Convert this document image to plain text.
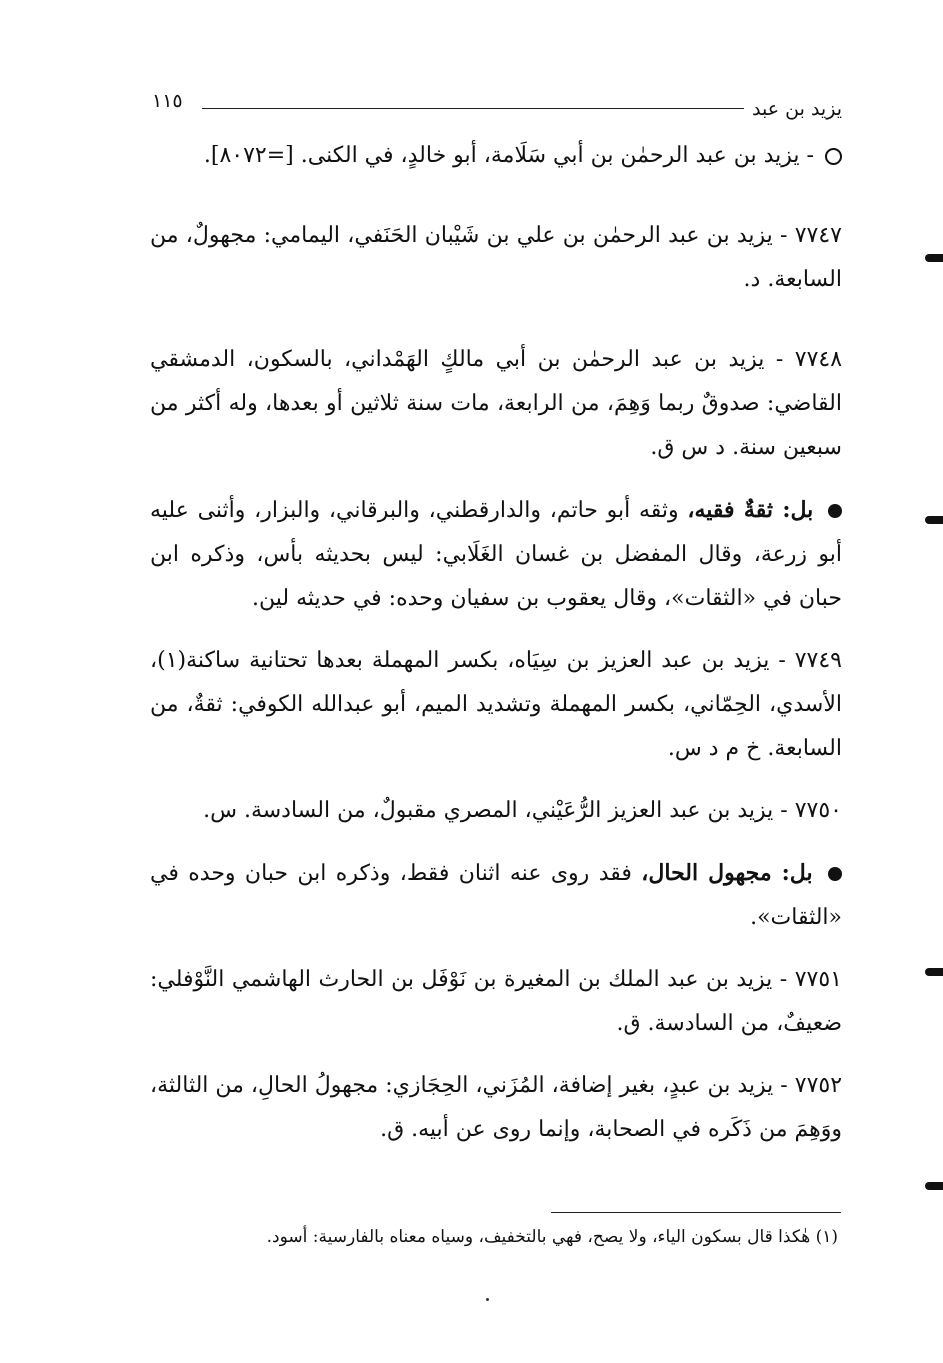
يزيد بن عبد
١١٥

- يزيد بن عبد الرحمٰن بن أبي سَلَامة، أبو خالدٍ، في الكنى. [=٨٠٧٢].

٧٧٤٧ - يزيد بن عبد الرحمٰن بن علي بن شَيْبان الحَنَفي، اليمامي: مجهولٌ، من السابعة. د.

٧٧٤٨ - يزيد بن عبد الرحمٰن بن أبي مالكٍ الهَمْداني، بالسكون، الدمشقي القاضي: صدوقٌ ربما وَهِمَ، من الرابعة، مات سنة ثلاثين أو بعدها، وله أكثر من سبعين سنة. د س ق.

بل: ثقةٌ فقيه، وثقه أبو حاتم، والدارقطني، والبرقاني، والبزار، وأثنى عليه أبو زرعة، وقال المفضل بن غسان الغَلَابي: ليس بحديثه بأس، وذكره ابن حبان في «الثقات»، وقال يعقوب بن سفيان وحده: في حديثه لين.

٧٧٤٩ - يزيد بن عبد العزيز بن سِيَاه، بكسر المهملة بعدها تحتانية ساكنة(١)، الأسدي، الحِمّاني، بكسر المهملة وتشديد الميم، أبو عبدالله الكوفي: ثقةٌ، من السابعة. خ م د س.

٧٧٥٠ - يزيد بن عبد العزيز الرُّعَيْني، المصري مقبولٌ، من السادسة. س.

بل: مجهول الحال، فقد روى عنه اثنان فقط، وذكره ابن حبان وحده في «الثقات».

٧٧٥١ - يزيد بن عبد الملك بن المغيرة بن نَوْفَل بن الحارث الهاشمي النَّوْفلي: ضعيفٌ، من السادسة. ق.

٧٧٥٢ - يزيد بن عبدٍ، بغير إضافة، المُزَني، الحِجَازي: مجهولُ الحالِ، من الثالثة، ووَهِمَ من ذَكَره في الصحابة، وإنما روى عن أبيه. ق.

(١) هٰكذا قال بسكون الياء، ولا يصح، فهي بالتخفيف، وسياه معناه بالفارسية: أسود.
